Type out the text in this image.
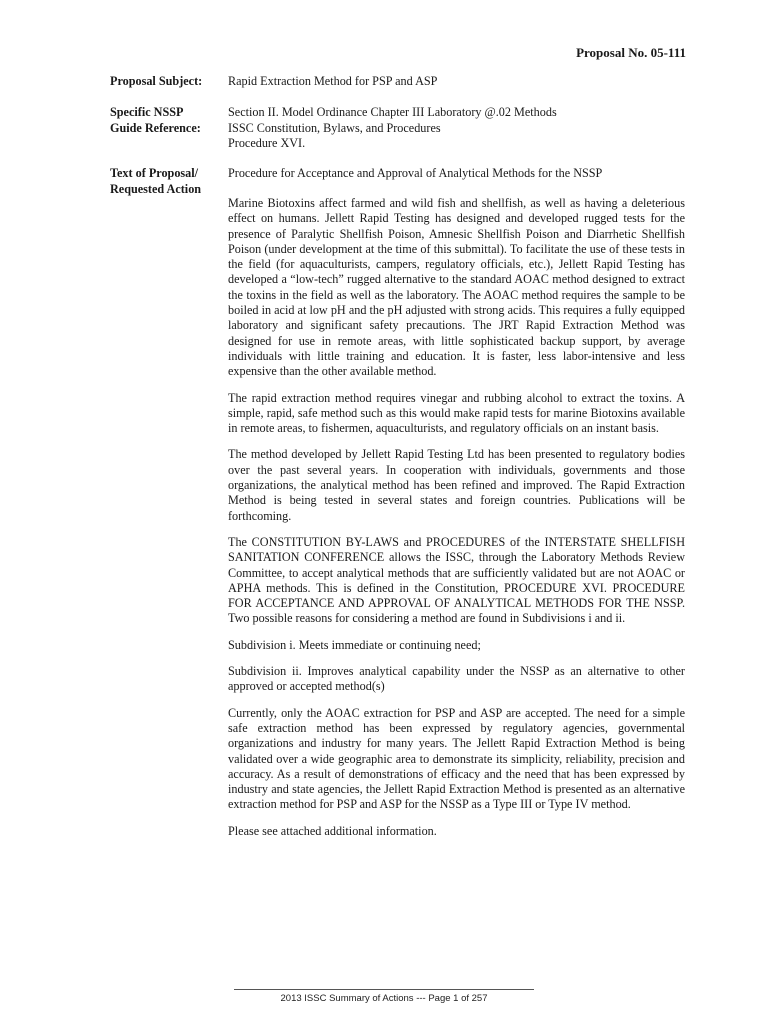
Proposal No. 05-111
Proposal Subject:	Rapid Extraction Method for PSP and ASP
Specific NSSP
Guide Reference:
Section II. Model Ordinance Chapter III Laboratory @.02 Methods
ISSC Constitution, Bylaws, and Procedures
Procedure XVI.
Text of Proposal/
Requested Action
Procedure for Acceptance and Approval of Analytical Methods for the NSSP

Marine Biotoxins affect farmed and wild fish and shellfish, as well as having a deleterious effect on humans. Jellett Rapid Testing has designed and developed rugged tests for the presence of Paralytic Shellfish Poison, Amnesic Shellfish Poison and Diarrhetic Shellfish Poison (under development at the time of this submittal). To facilitate the use of these tests in the field (for aquaculturists, campers, regulatory officials, etc.), Jellett Rapid Testing has developed a “low-tech” rugged alternative to the standard AOAC method designed to extract the toxins in the field as well as the laboratory. The AOAC method requires the sample to be boiled in acid at low pH and the pH adjusted with strong acids. This requires a fully equipped laboratory and significant safety precautions. The JRT Rapid Extraction Method was designed for use in remote areas, with little sophisticated backup support, by average individuals with little training and education. It is faster, less labor-intensive and less expensive than the other available method.

The rapid extraction method requires vinegar and rubbing alcohol to extract the toxins. A simple, rapid, safe method such as this would make rapid tests for marine Biotoxins available in remote areas, to fishermen, aquaculturists, and regulatory officials on an instant basis.

The method developed by Jellett Rapid Testing Ltd has been presented to regulatory bodies over the past several years. In cooperation with individuals, governments and those organizations, the analytical method has been refined and improved. The Rapid Extraction Method is being tested in several states and foreign countries. Publications will be forthcoming.

The CONSTITUTION BY-LAWS and PROCEDURES of the INTERSTATE SHELLFISH SANITATION CONFERENCE allows the ISSC, through the Laboratory Methods Review Committee, to accept analytical methods that are sufficiently validated but are not AOAC or APHA methods. This is defined in the Constitution, PROCEDURE XVI. PROCEDURE FOR ACCEPTANCE AND APPROVAL OF ANALYTICAL METHODS FOR THE NSSP. Two possible reasons for considering a method are found in Subdivisions i and ii.

Subdivision i. Meets immediate or continuing need;

Subdivision ii. Improves analytical capability under the NSSP as an alternative to other approved or accepted method(s)

Currently, only the AOAC extraction for PSP and ASP are accepted. The need for a simple safe extraction method has been expressed by regulatory agencies, governmental organizations and industry for many years. The Jellett Rapid Extraction Method is being validated over a wide geographic area to demonstrate its simplicity, reliability, precision and accuracy. As a result of demonstrations of efficacy and the need that has been expressed by industry and state agencies, the Jellett Rapid Extraction Method is presented as an alternative extraction method for PSP and ASP for the NSSP as a Type III or Type IV method.

Please see attached additional information.

2013 ISSC Summary of Actions --- Page 1 of 257
